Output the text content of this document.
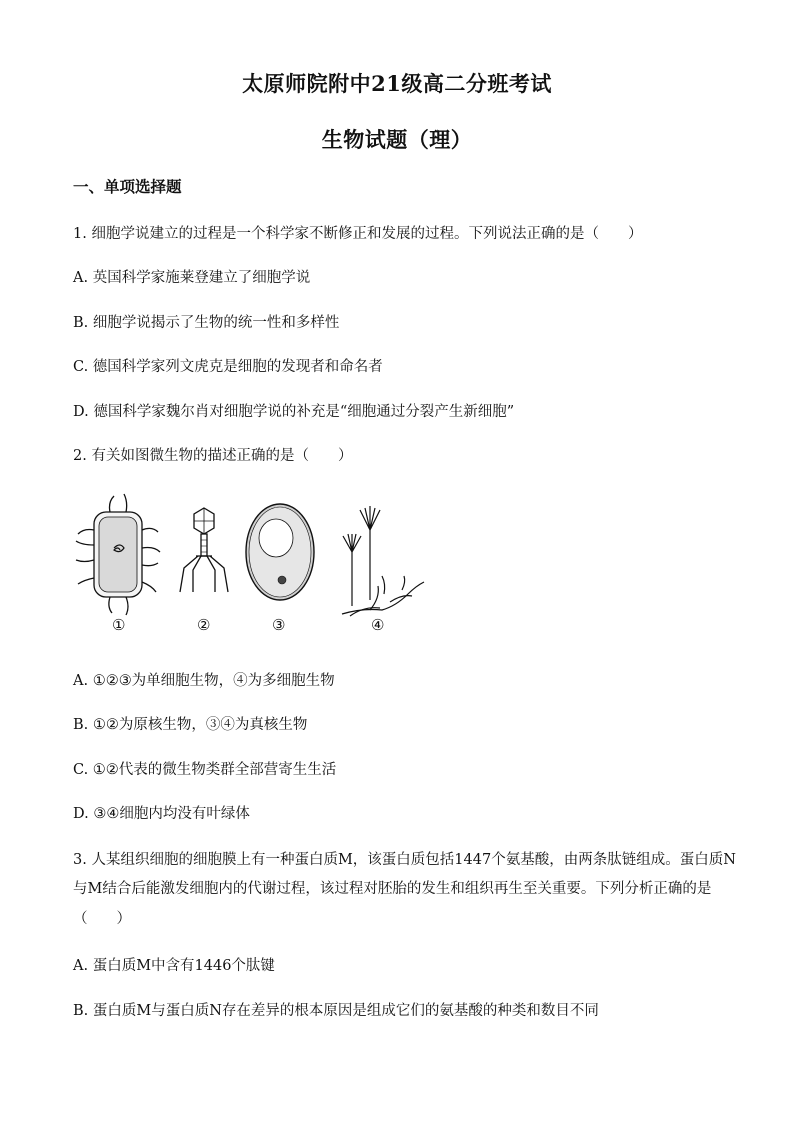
太原师院附中21级高二分班考试
生物试题（理）
一、单项选择题
1. 细胞学说建立的过程是一个科学家不断修正和发展的过程。下列说法正确的是（　　）
A. 英国科学家施莱登建立了细胞学说
B. 细胞学说揭示了生物的统一性和多样性
C. 德国科学家列文虎克是细胞的发现者和命名者
D. 德国科学家魏尔肖对细胞学说的补充是“细胞通过分裂产生新细胞”
2. 有关如图微生物的描述正确的是（　　）
①	②	③	④
A. ①②③为单细胞生物，④为多细胞生物
B. ①②为原核生物，③④为真核生物
C. ①②代表的微生物类群全部营寄生生活
D. ③④细胞内均没有叶绿体
3. 人某组织细胞的细胞膜上有一种蛋白质M，该蛋白质包括1447个氨基酸，由两条肽链组成。蛋白质N
与M结合后能激发细胞内的代谢过程，该过程对胚胎的发生和组织再生至关重要。下列分析正确的是
（　　）
A. 蛋白质M中含有1446个肽键
B. 蛋白质M与蛋白质N存在差异的根本原因是组成它们的氨基酸的种类和数目不同
